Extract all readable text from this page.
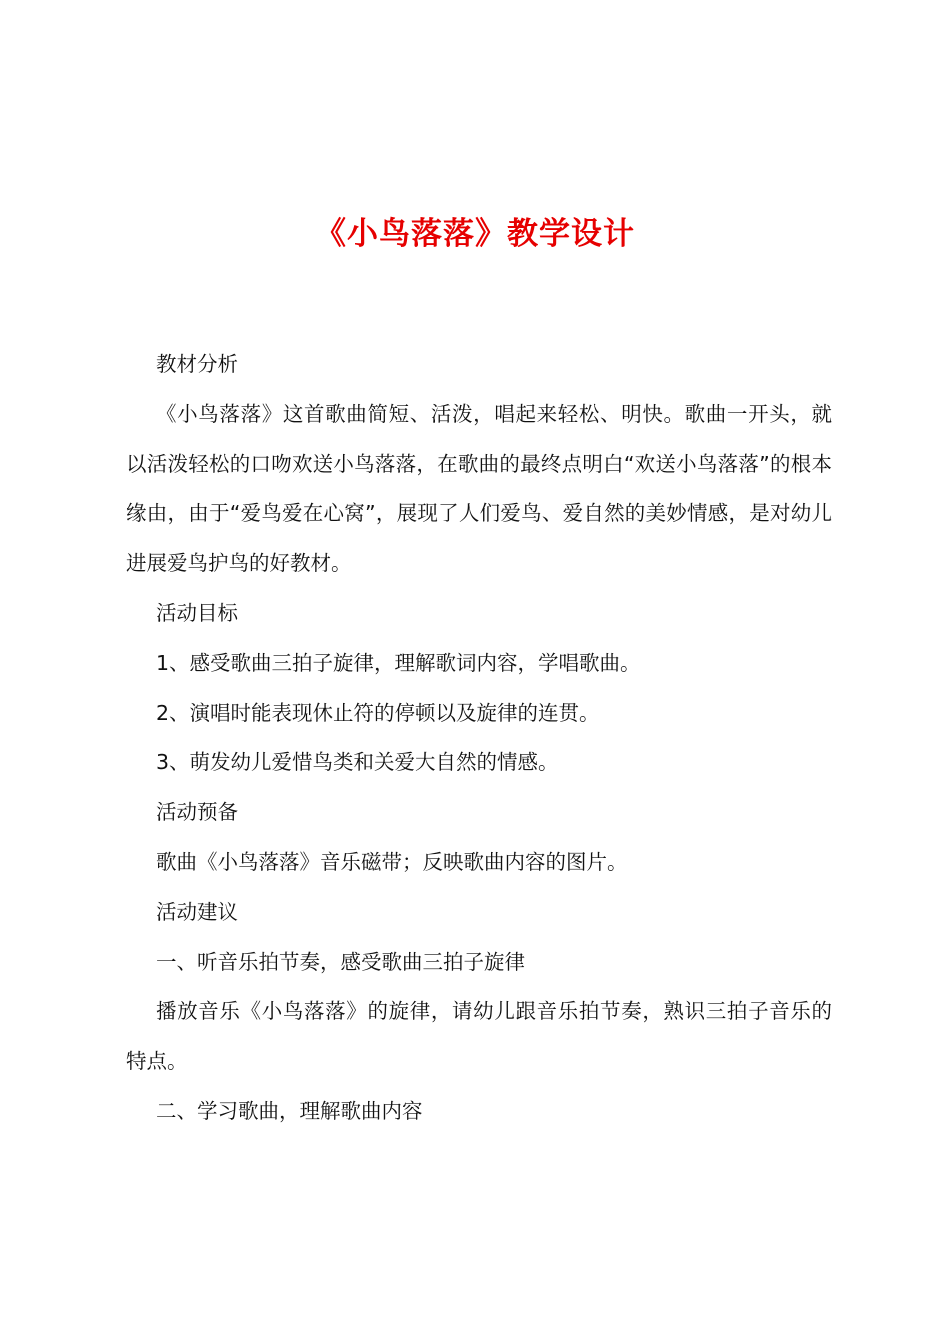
《小鸟落落》教学设计

教材分析

《小鸟落落》这首歌曲简短、活泼，唱起来轻松、明快。歌曲一开头，就以活泼轻松的口吻欢送小鸟落落，在歌曲的最终点明白“欢送小鸟落落”的根本缘由，由于“爱鸟爱在心窝”，展现了人们爱鸟、爱自然的美妙情感，是对幼儿进展爱鸟护鸟的好教材。

活动目标

1、感受歌曲三拍子旋律，理解歌词内容，学唱歌曲。

2、演唱时能表现休止符的停顿以及旋律的连贯。

3、萌发幼儿爱惜鸟类和关爱大自然的情感。

活动预备

歌曲《小鸟落落》音乐磁带；反映歌曲内容的图片。

活动建议

一、听音乐拍节奏，感受歌曲三拍子旋律

播放音乐《小鸟落落》的旋律，请幼儿跟音乐拍节奏，熟识三拍子音乐的特点。

二、学习歌曲，理解歌曲内容
